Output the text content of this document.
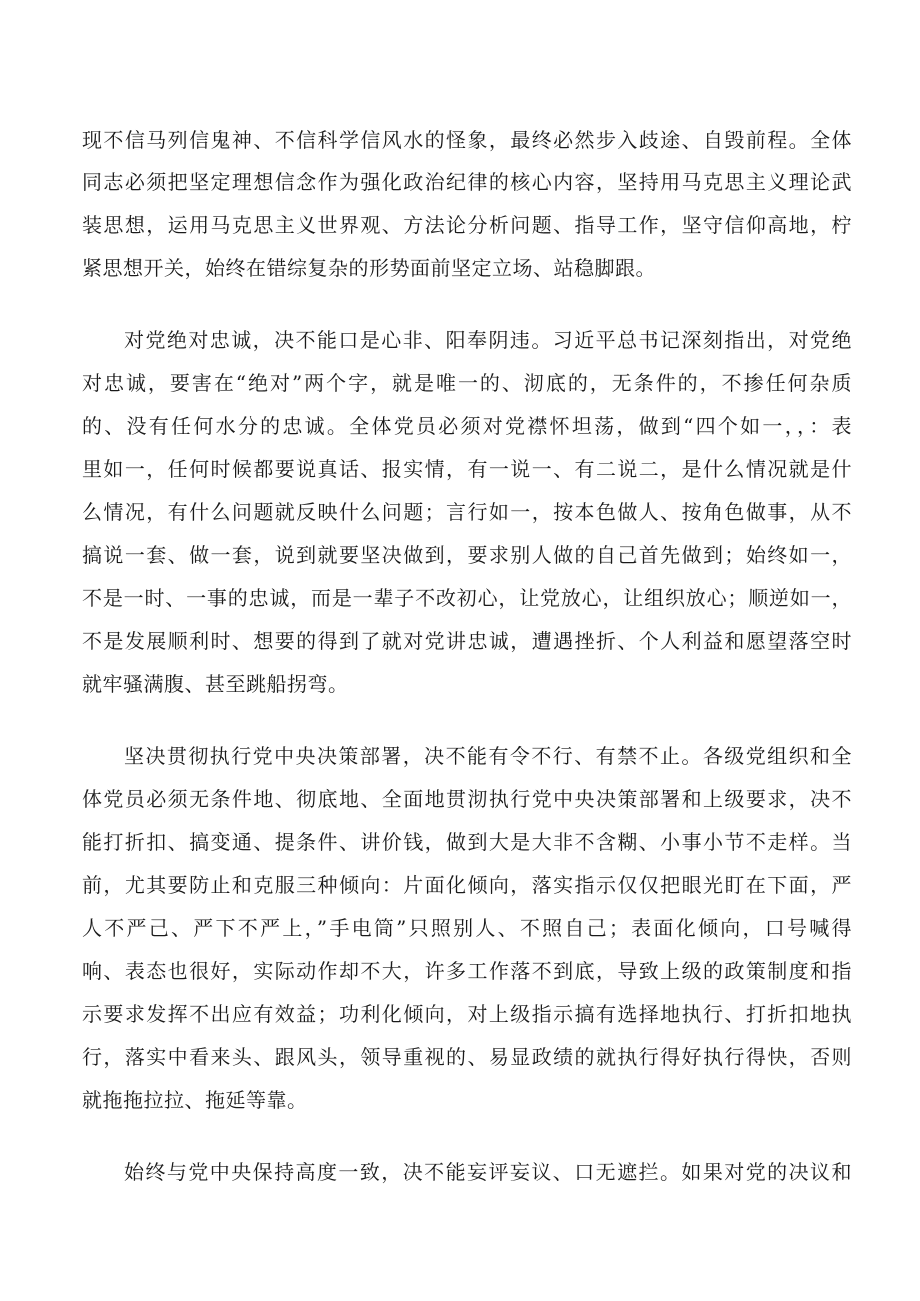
现不信马列信鬼神、不信科学信风水的怪象，最终必然步入歧途、自毁前程。全体
同志必须把坚定理想信念作为强化政治纪律的核心内容，坚持用马克思主义理论武
装思想，运用马克思主义世界观、方法论分析问题、指导工作，坚守信仰高地，柠
紧思想开关，始终在错综复杂的形势面前坚定立场、站稳脚跟。
对党绝对忠诚，决不能口是心非、阳奉阴违。习近平总书记深刻指出，对党绝
对忠诚，要害在“绝对”两个字，就是唯一的、沏底的，无条件的，不掺任何杂质
的、没有任何水分的忠诚。全体党员必须对党襟怀坦荡，做到“四个如一，，：表
里如一，任何时候都要说真话、报实情，有一说一、有二说二，是什么情况就是什
么情况，有什么问题就反映什么问题；言行如一，按本色做人、按角色做事，从不
搞说一套、做一套，说到就要坚决做到，要求别人做的自己首先做到；始终如一，
不是一时、一事的忠诚，而是一辈子不改初心，让党放心，让组织放心；顺逆如一，
不是发展顺利时、想要的得到了就对党讲忠诚，遭遇挫折、个人利益和愿望落空时
就牢骚满腹、甚至跳船拐弯。
坚决贯彻执行党中央决策部署，决不能有令不行、有禁不止。各级党组织和全
体党员必须无条件地、彻底地、全面地贯沏执行党中央决策部署和上级要求，决不
能打折扣、搞变通、提条件、讲价钱，做到大是大非不含糊、小事小节不走样。当
前，尤其要防止和克服三种倾向：片面化倾向，落实指示仅仅把眼光盯在下面，严
人不严己、严下不严上，”手电筒”只照别人、不照自己；表面化倾向，口号喊得
响、表态也很好，实际动作却不大，许多工作落不到底，导致上级的政策制度和指
示要求发挥不出应有效益；功利化倾向，对上级指示搞有选择地执行、打折扣地执
行，落实中看来头、跟风头，领导重视的、易显政绩的就执行得好执行得快，否则
就拖拖拉拉、拖延等靠。
始终与党中央保持高度一致，决不能妄评妄议、口无遮拦。如果对党的决议和
